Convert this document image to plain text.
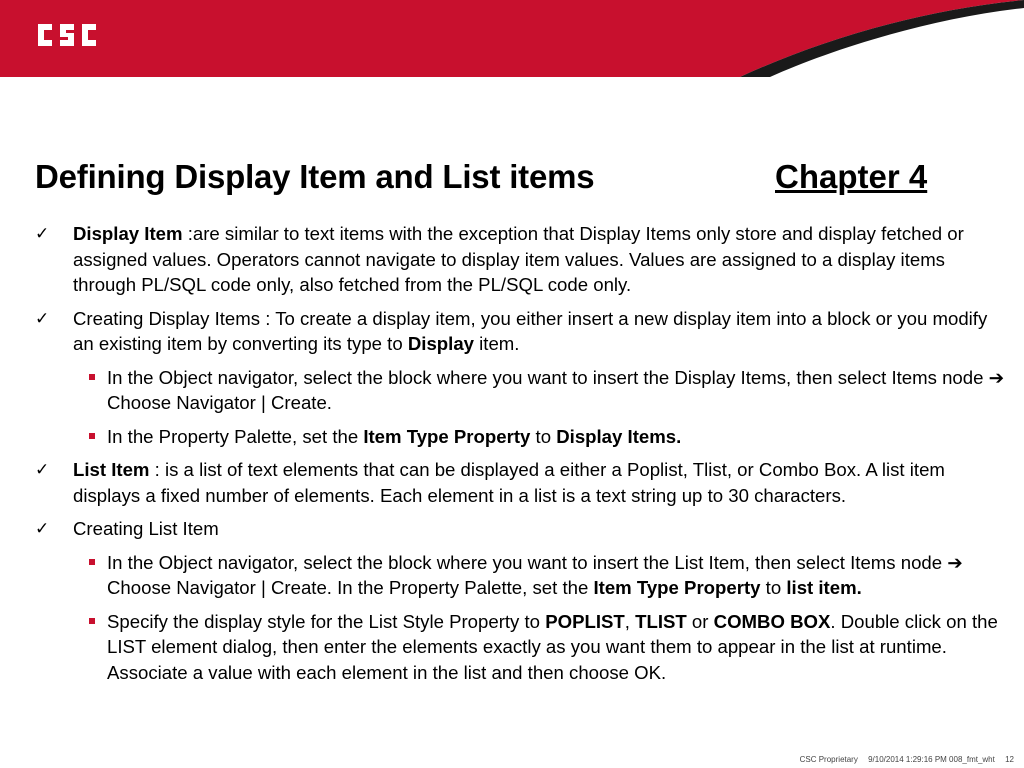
Defining Display Item and List items	Chapter 4
✓ Display Item :are similar to text items with the exception that Display Items only store and display fetched or assigned values. Operators cannot navigate to display item values. Values are assigned to a display items through PL/SQL code only, also fetched from the PL/SQL code only.
✓ Creating Display Items : To create a display item, you either insert a new display item into a block or you modify an existing item by converting its type to Display item.
In the Object navigator, select the block where you want to insert the Display Items, then select Items node ➔ Choose Navigator | Create.
In the Property Palette, set the Item Type Property to Display Items.
✓ List Item : is a list of text elements that can be displayed a either a Poplist, Tlist, or Combo Box. A list item displays a fixed number of elements. Each element in a list is a text string up to 30 characters.
✓ Creating List Item
In the Object navigator, select the block where you want to insert the List Item, then select Items node ➔ Choose Navigator | Create. In the Property Palette, set the Item Type Property to list item.
Specify the display style for the List Style Property to POPLIST, TLIST or COMBO BOX. Double click on the LIST element dialog, then enter the elements exactly as you want them to appear in the list at runtime. Associate a value with each element in the list and then choose OK.
CSC Proprietary 9/10/2014 1:29:16 PM 008_fmt_wht 12
